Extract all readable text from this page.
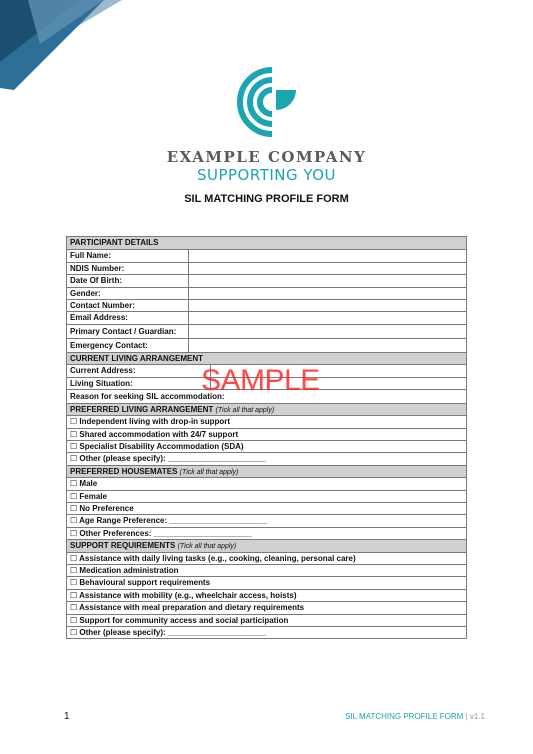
EXAMPLE COMPANY
SUPPORTING YOU
SIL MATCHING PROFILE FORM
PARTICIPANT DETAILS
Full Name:
NDIS Number:
Date Of Birth:
Gender:
Contact Number:
Email Address:
Primary Contact / Guardian:
Emergency Contact:
CURRENT LIVING ARRANGEMENT
Current Address:
Living Situation:
Reason for seeking SIL accommodation:
PREFERRED LIVING ARRANGEMENT (Tick all that apply)
☐ Independent living with drop-in support
☐ Shared accommodation with 24/7 support
☐ Specialist Disability Accommodation (SDA)
☐ Other (please specify): ______________________
PREFERRED HOUSEMATES (Tick all that apply)
☐ Male
☐ Female
☐ No Preference
☐ Age Range Preference: ______________________
☐ Other Preferences: ______________________
SUPPORT REQUIREMENTS (Tick all that apply)
☐ Assistance with daily living tasks (e.g., cooking, cleaning, personal care)
☐ Medication administration
☐ Behavioural support requirements
☐ Assistance with mobility (e.g., wheelchair access, hoists)
☐ Assistance with meal preparation and dietary requirements
☐ Support for community access and social participation
☐ Other (please specify): ______________________
SAMPLE
1	SIL MATCHING PROFILE FORM | v1.1
